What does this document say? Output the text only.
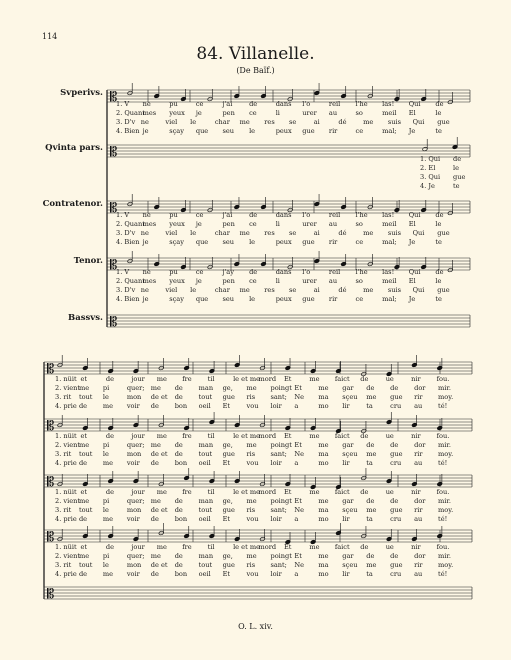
114
84. Villanelle.
(De Baïf.)
Svperivs.
Qvinta pars.
Contratenor.
Tenor.
Bassvs.
𝄡
𝄡
𝄡
𝄡
𝄡
1. V ne	pu	ce	j'ai	de	dans l'o	reil l'he las! Qui de
2. Quant
mes yeux je	pen ce	li	urer au	so	meil El	le
3. D'v ne	viel le	char me res se	ai	dé	me suis Qui gue
4. Bien je	sçay que seu le	peux gue rir	ce	mal; Je	te
1. V ne	pu	ce	j'ai	de	dans l'o	reil l'he las! Qui de
2. Quant
mes yeux je	pen ce	li	urer au	so	meil El	le
3. D'v ne	viel le	char me res se	ai	dé	me suis Qui gue
4. Bien je	sçay que seu le	peux gue rir	ce	mal; Je	te
1. V ne	pu	ce	j'ay de	dans l'o	reil l'he las! Qui de
2. Quant
mes yeux je	pen ce	li	urer au	so	meil El	le
3. D'v ne	viel le	char me res se	ai	dé	me suis Qui gue
4. Bien je	sçay que seu le	peux gue rir	ce	mal; Je	te
1. Qui de
2. El	le
3. Qui gue
4. Je	te
𝄡
𝄡
𝄡
𝄡
𝄡
1. nüit et	de	jour me fre til	le et me
mord Et	me faict de	ue	nir fou.
2. vient
me pi	quer; me de man ge, me poingt Et me gar de de dor mir.
3. rit tout le	mon de et de tout gue ris sant; Ne ma sçeu me gue rir moy.
4. prie de me voir de bon oeil Et vou loir a	mo lir	ta	cru au té!
1. nüit et	de	jour me fre til	le et me
mord Et	me faict de	ue	nir fou.
2. vient
me pi	quer; me de man ge, me poingt Et me gar de de dor mir.
3. rit tout le	mon de et de tout gue ris sant; Ne ma sçeu me gue rir moy.
4. prie de me voir de bon oeil Et vou loir a	mo lir	ta	cru au té!
1. nüit et	de	jour me fre til	le et me
mord Et	me faict de	ue	nir fou.
2. vient
me pi	quer; me de man ge, me poingt Et me gar de de dor mir.
3. rit tout le	mon de et de tout gue ris sant; Ne ma sçeu me gue rir moy.
4. prie de me voir de bon oeil Et vou loir a	mo lir	ta	cru au té!
1. nüit et	de	jour me fre til	le et me
mord Et	me faict de	ue	nir fou.
2. vient
me pi	quer; me de man ge, me poingt Et me gar de de dor mir.
3. rit tout le	mon de et de tout gue ris sant; Ne ma sçeu me gue rir moy.
4. prie de me voir de bon oeil Et vou loir a	mo lir	ta	cru au té!
O. L. xiv.
